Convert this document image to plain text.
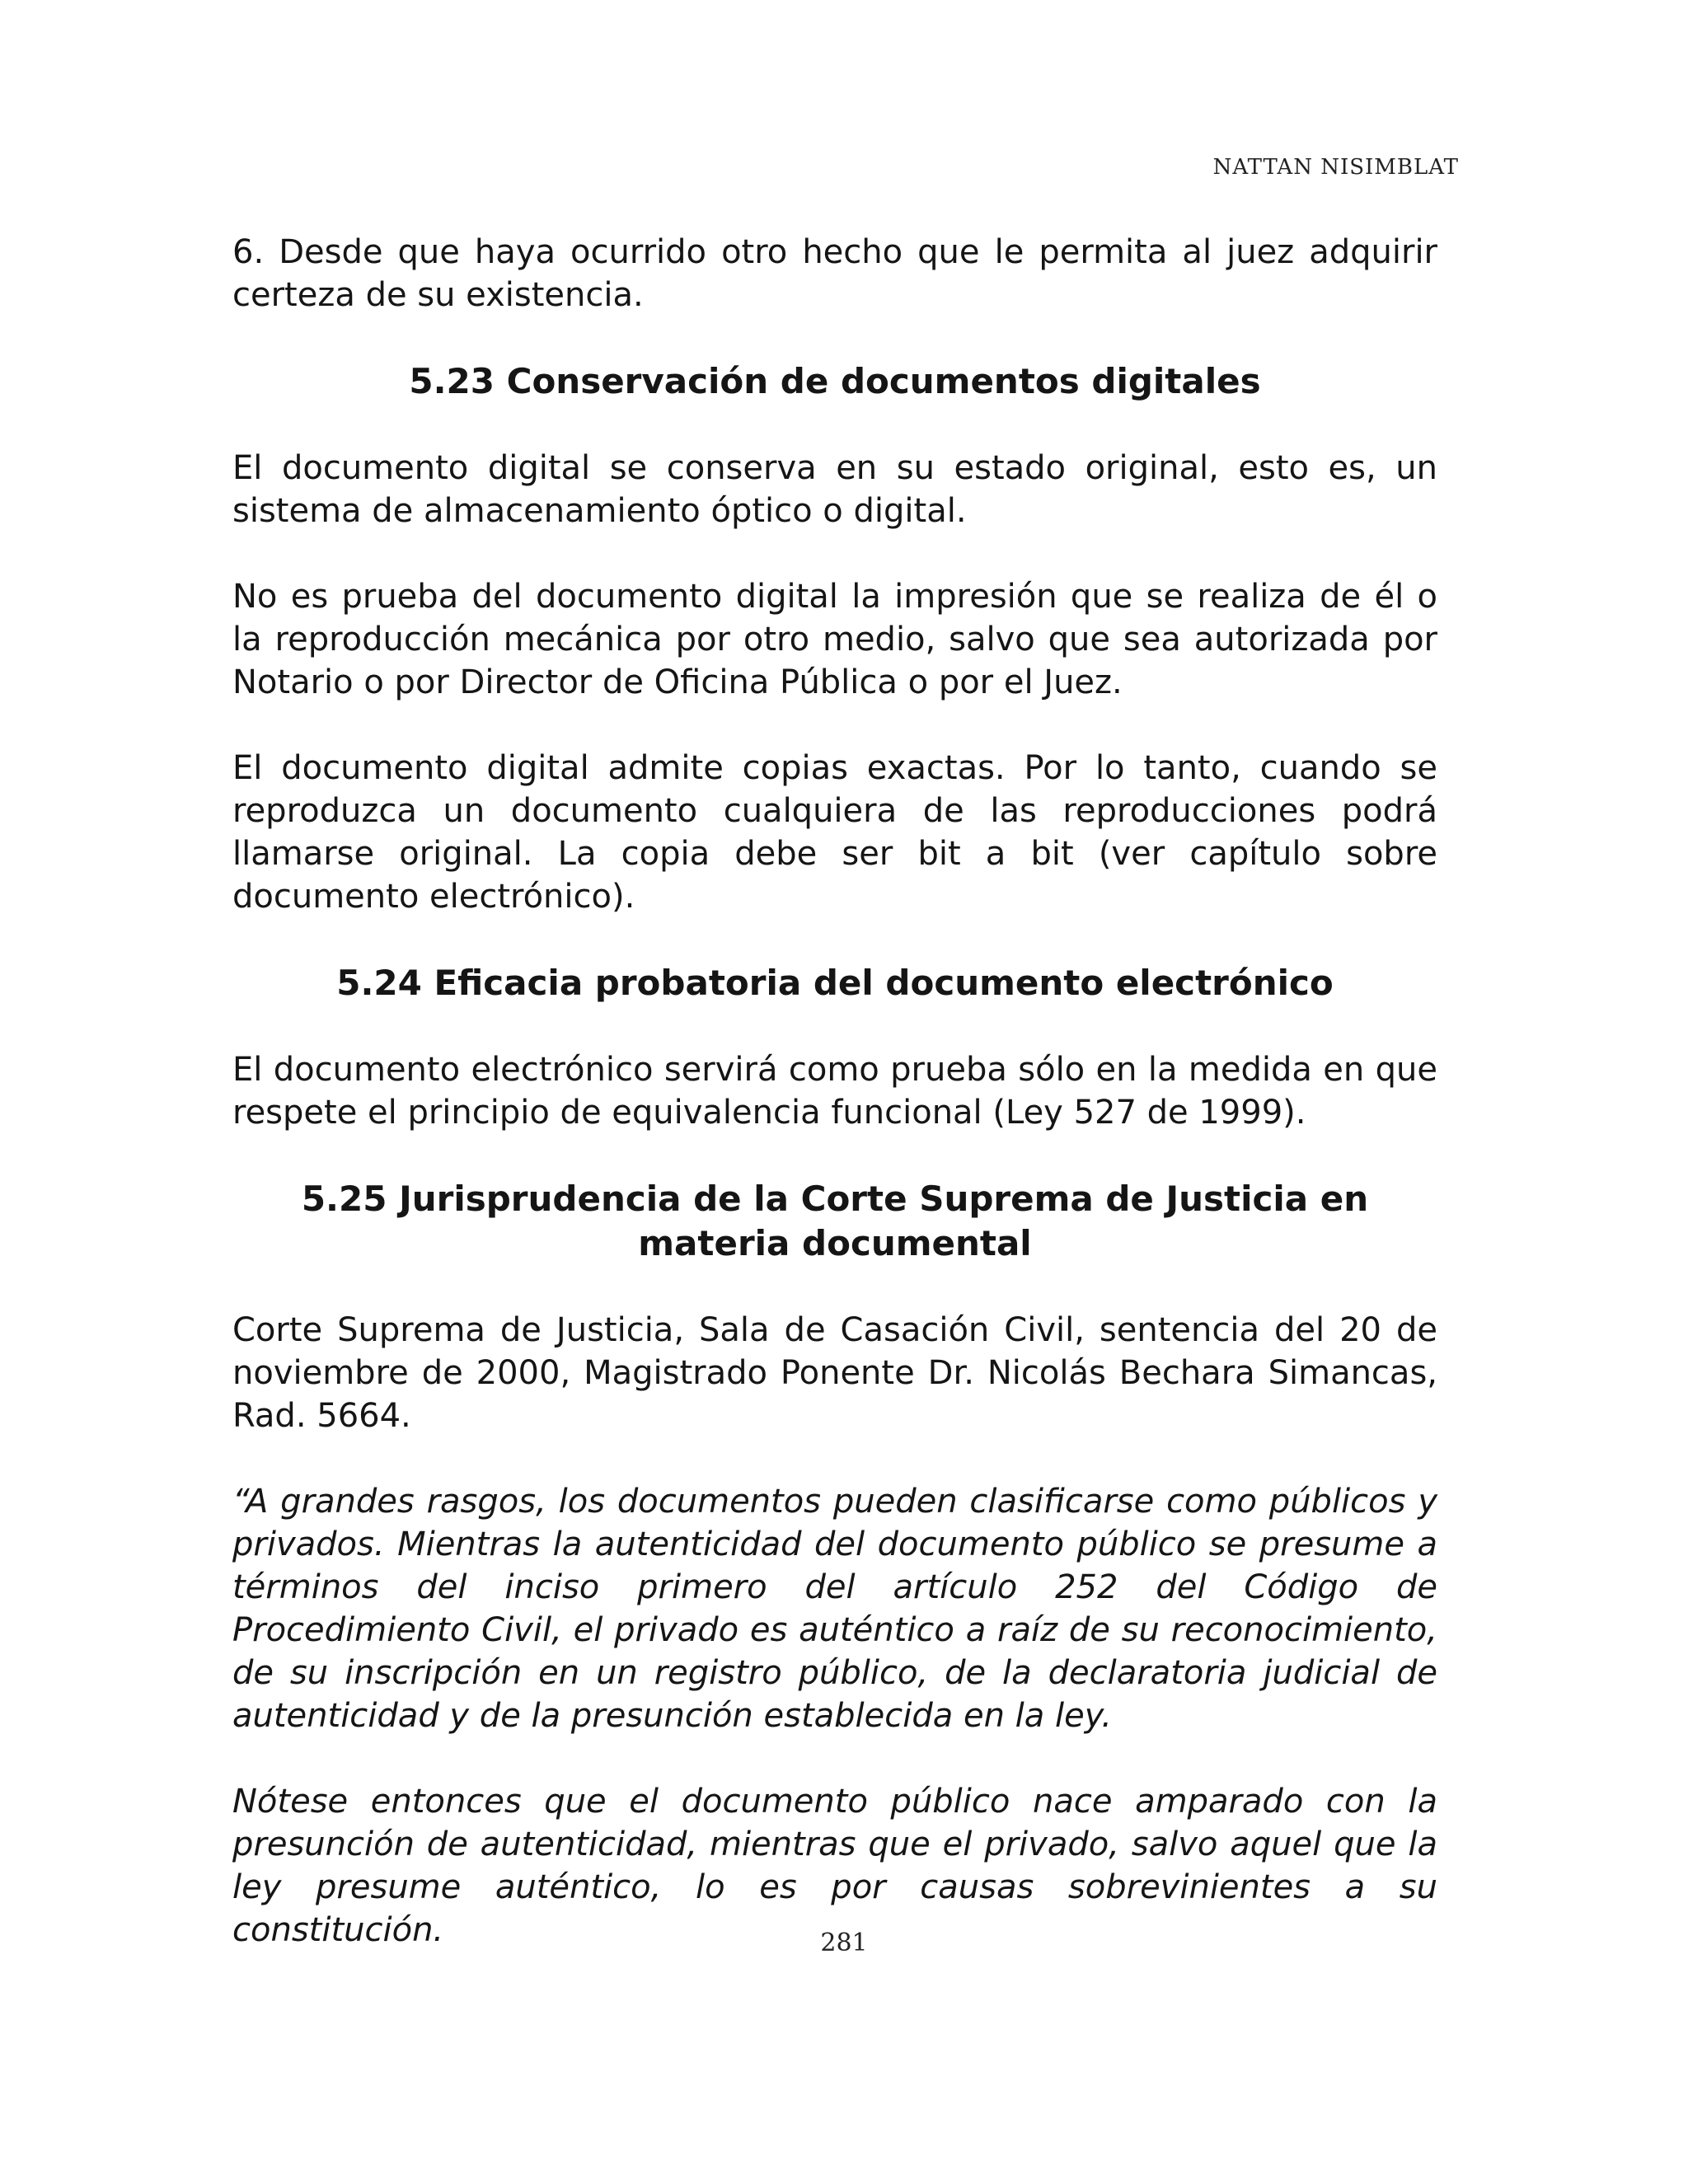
NATTAN NISIMBLAT

6. Desde que haya ocurrido otro hecho que le permita al juez adquirir certeza de su existencia.

5.23 Conservación de documentos digitales

El documento digital se conserva en su estado original, esto es, un sistema de almacenamiento óptico o digital.

No es prueba del documento digital la impresión que se realiza de él o la reproducción mecánica por otro medio, salvo que sea autorizada por Notario o por Director de Oficina Pública o por el Juez.

El documento digital admite copias exactas. Por lo tanto, cuando se reproduzca un documento cualquiera de las reproducciones podrá llamarse original. La copia debe ser bit a bit (ver capítulo sobre documento electrónico).

5.24 Eficacia probatoria del documento electrónico

El documento electrónico servirá como prueba sólo en la medida en que respete el principio de equivalencia funcional (Ley 527 de 1999).

5.25 Jurisprudencia de la Corte Suprema de Justicia en materia documental

Corte Suprema de Justicia, Sala de Casación Civil, sentencia del 20 de noviembre de 2000, Magistrado Ponente Dr. Nicolás Bechara Simancas, Rad. 5664.

“A grandes rasgos, los documentos pueden clasificarse como públicos y privados. Mientras la autenticidad del documento público se presume a términos del inciso primero del artículo 252 del Código de Procedimiento Civil, el privado es auténtico a raíz de su reconocimiento, de su inscripción en un registro público, de la declaratoria judicial de autenticidad y de la presunción establecida en la ley.

Nótese entonces que el documento público nace amparado con la presunción de autenticidad, mientras que el privado, salvo aquel que la ley presume auténtico, lo es por causas sobrevinientes a su constitución.	281
